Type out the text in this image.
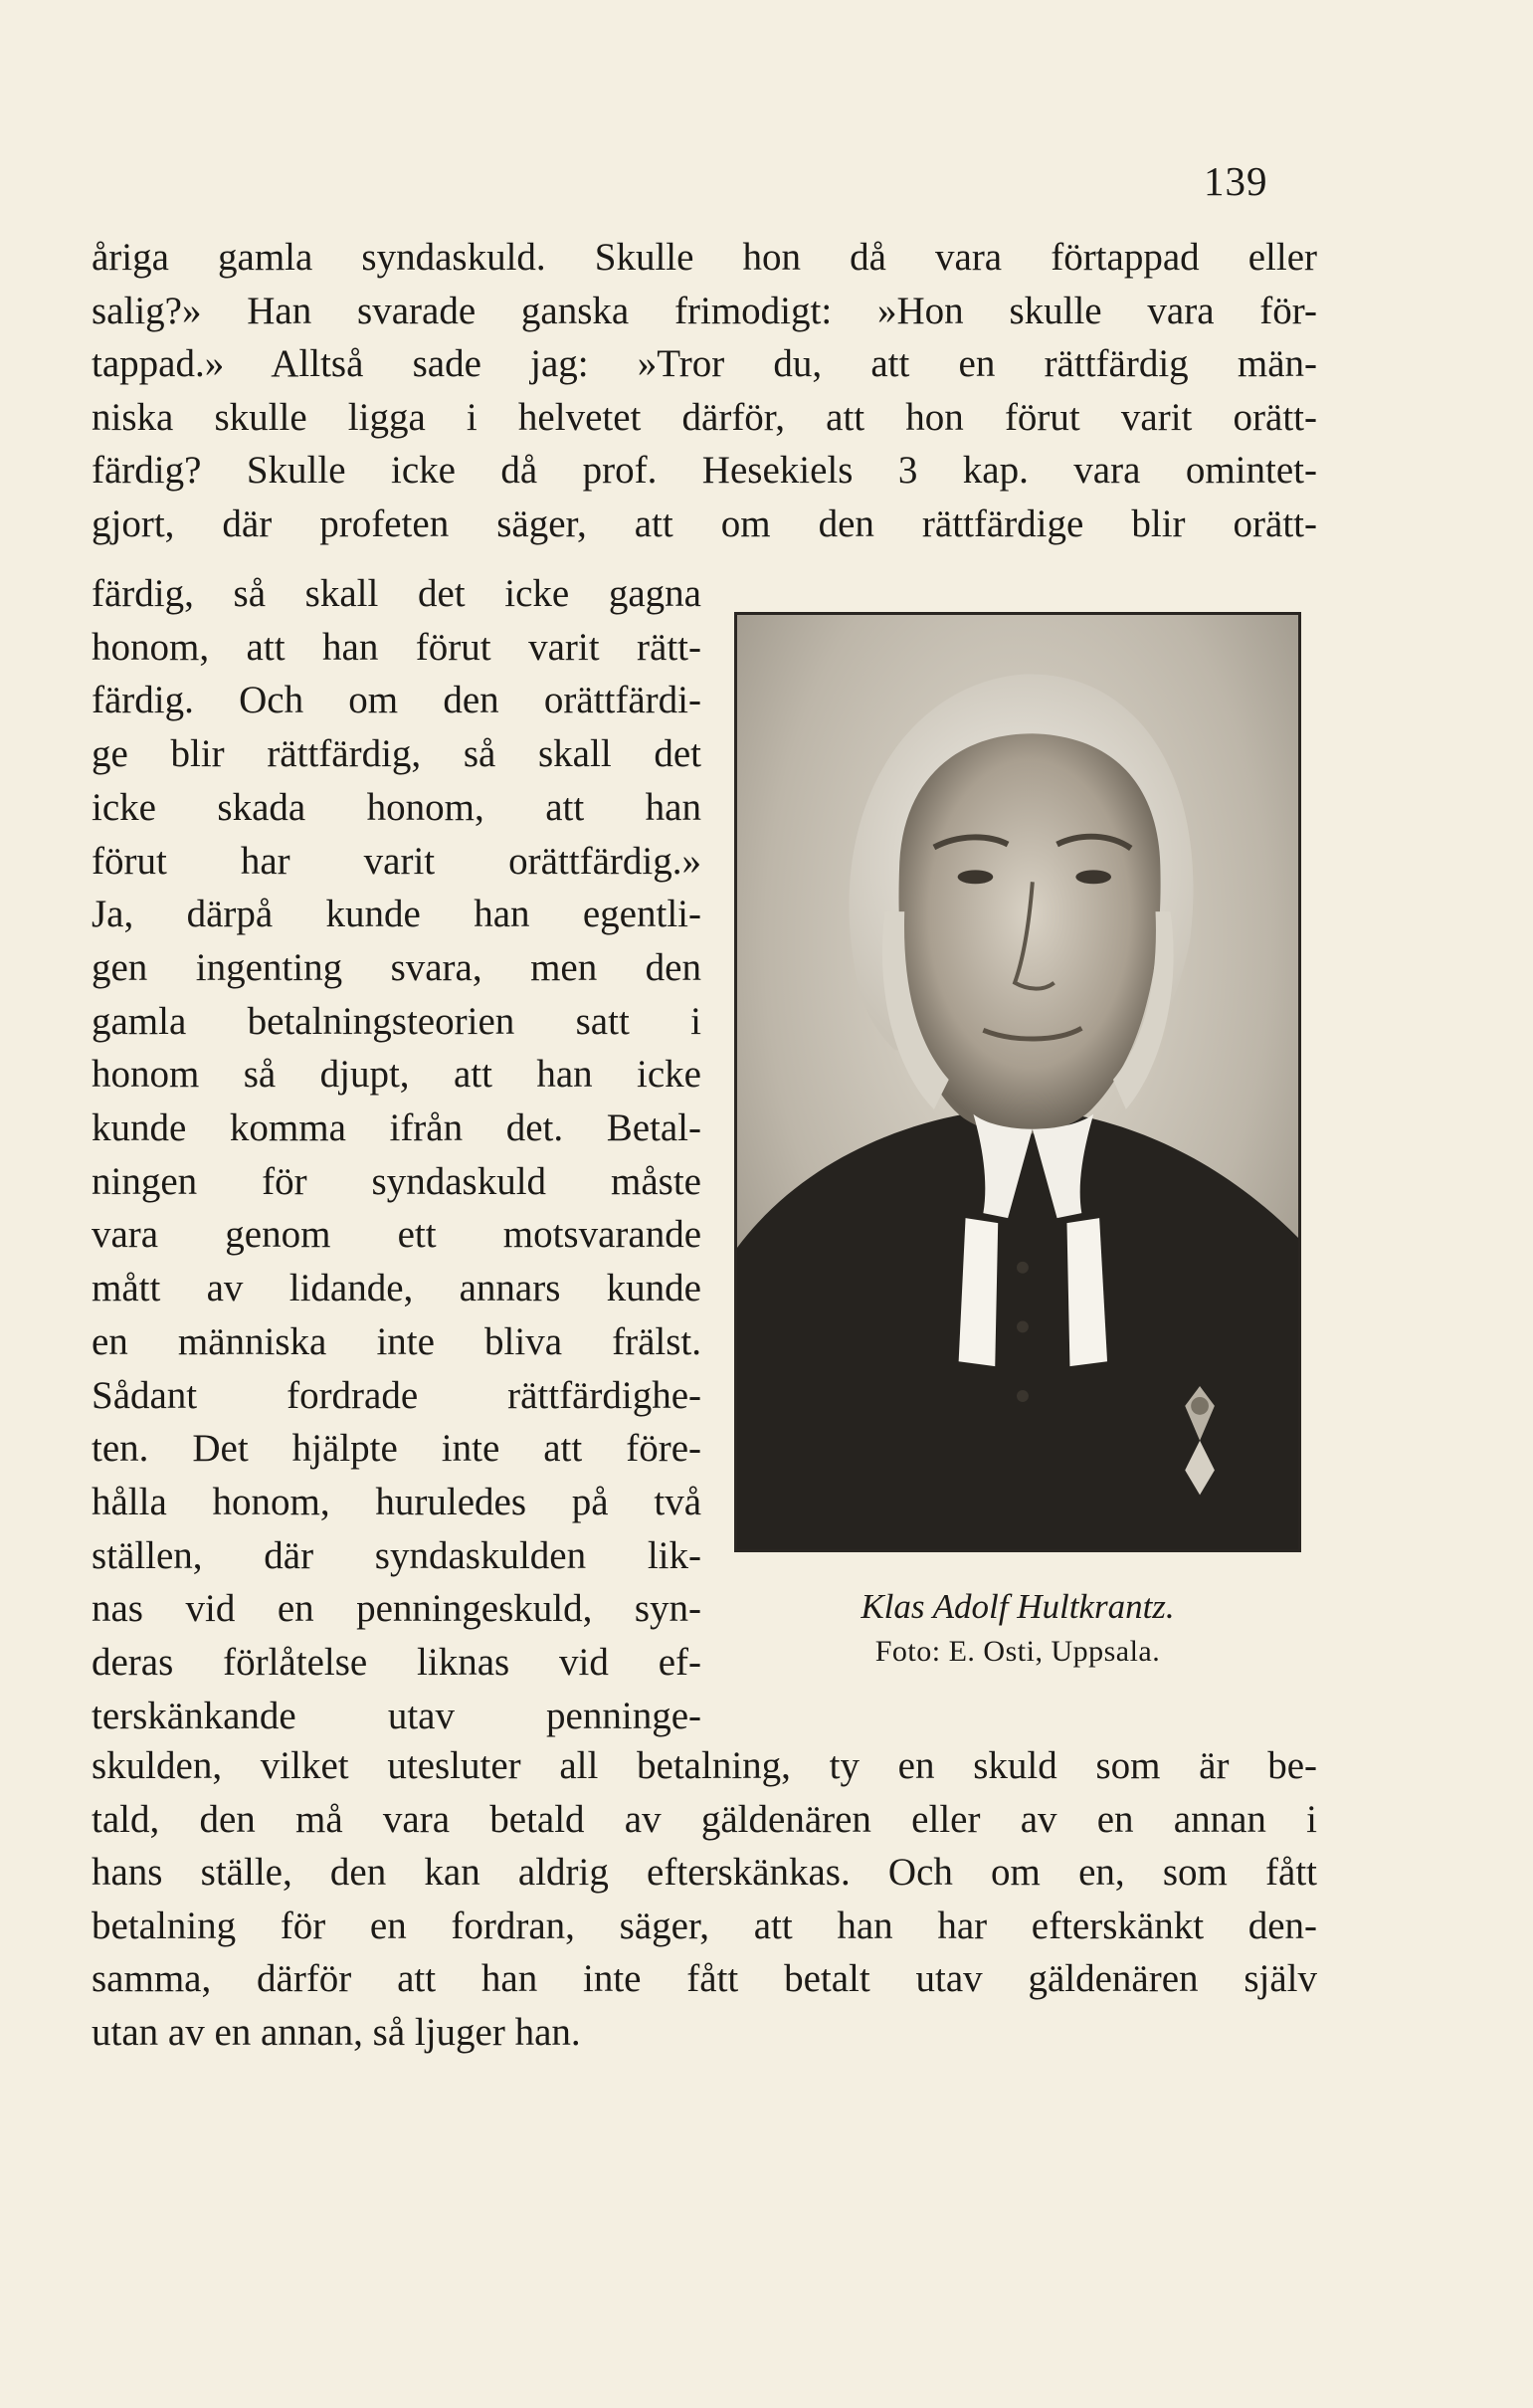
139
åriga gamla syndaskuld. Skulle hon då vara förtappad eller
salig?» Han svarade ganska frimodigt: »Hon skulle vara för-
tappad.» Alltså sade jag: »Tror du, att en rättfärdig män-
niska skulle ligga i helvetet därför, att hon förut varit orätt-
färdig? Skulle icke då prof. Hesekiels 3 kap. vara omintet-
gjort, där profeten säger, att om den rättfärdige blir orätt-
färdig, så skall det icke gagna
honom, att han förut varit rätt-
färdig. Och om den orättfärdi-
ge blir rättfärdig, så skall det
icke skada honom, att han
förut har varit orättfärdig.»
Ja, därpå kunde han egentli-
gen ingenting svara, men den
gamla betalningsteorien satt i
honom så djupt, att han icke
kunde komma ifrån det. Betal-
ningen för syndaskuld måste
vara genom ett motsvarande
mått av lidande, annars kunde
en människa inte bliva frälst.
Sådant fordrade rättfärdighe-
ten. Det hjälpte inte att före-
hålla honom, huruledes på två
ställen, där syndaskulden lik-
nas vid en penningeskuld, syn-
deras förlåtelse liknas vid ef-
terskänkande utav penninge-
Klas Adolf Hultkrantz.
Foto: E. Osti, Uppsala.
skulden, vilket utesluter all betalning, ty en skuld som är be-
tald, den må vara betald av gäldenären eller av en annan i
hans ställe, den kan aldrig efterskänkas. Och om en, som fått
betalning för en fordran, säger, att han har efterskänkt den-
samma, därför att han inte fått betalt utav gäldenären själv
utan av en annan, så ljuger han.
